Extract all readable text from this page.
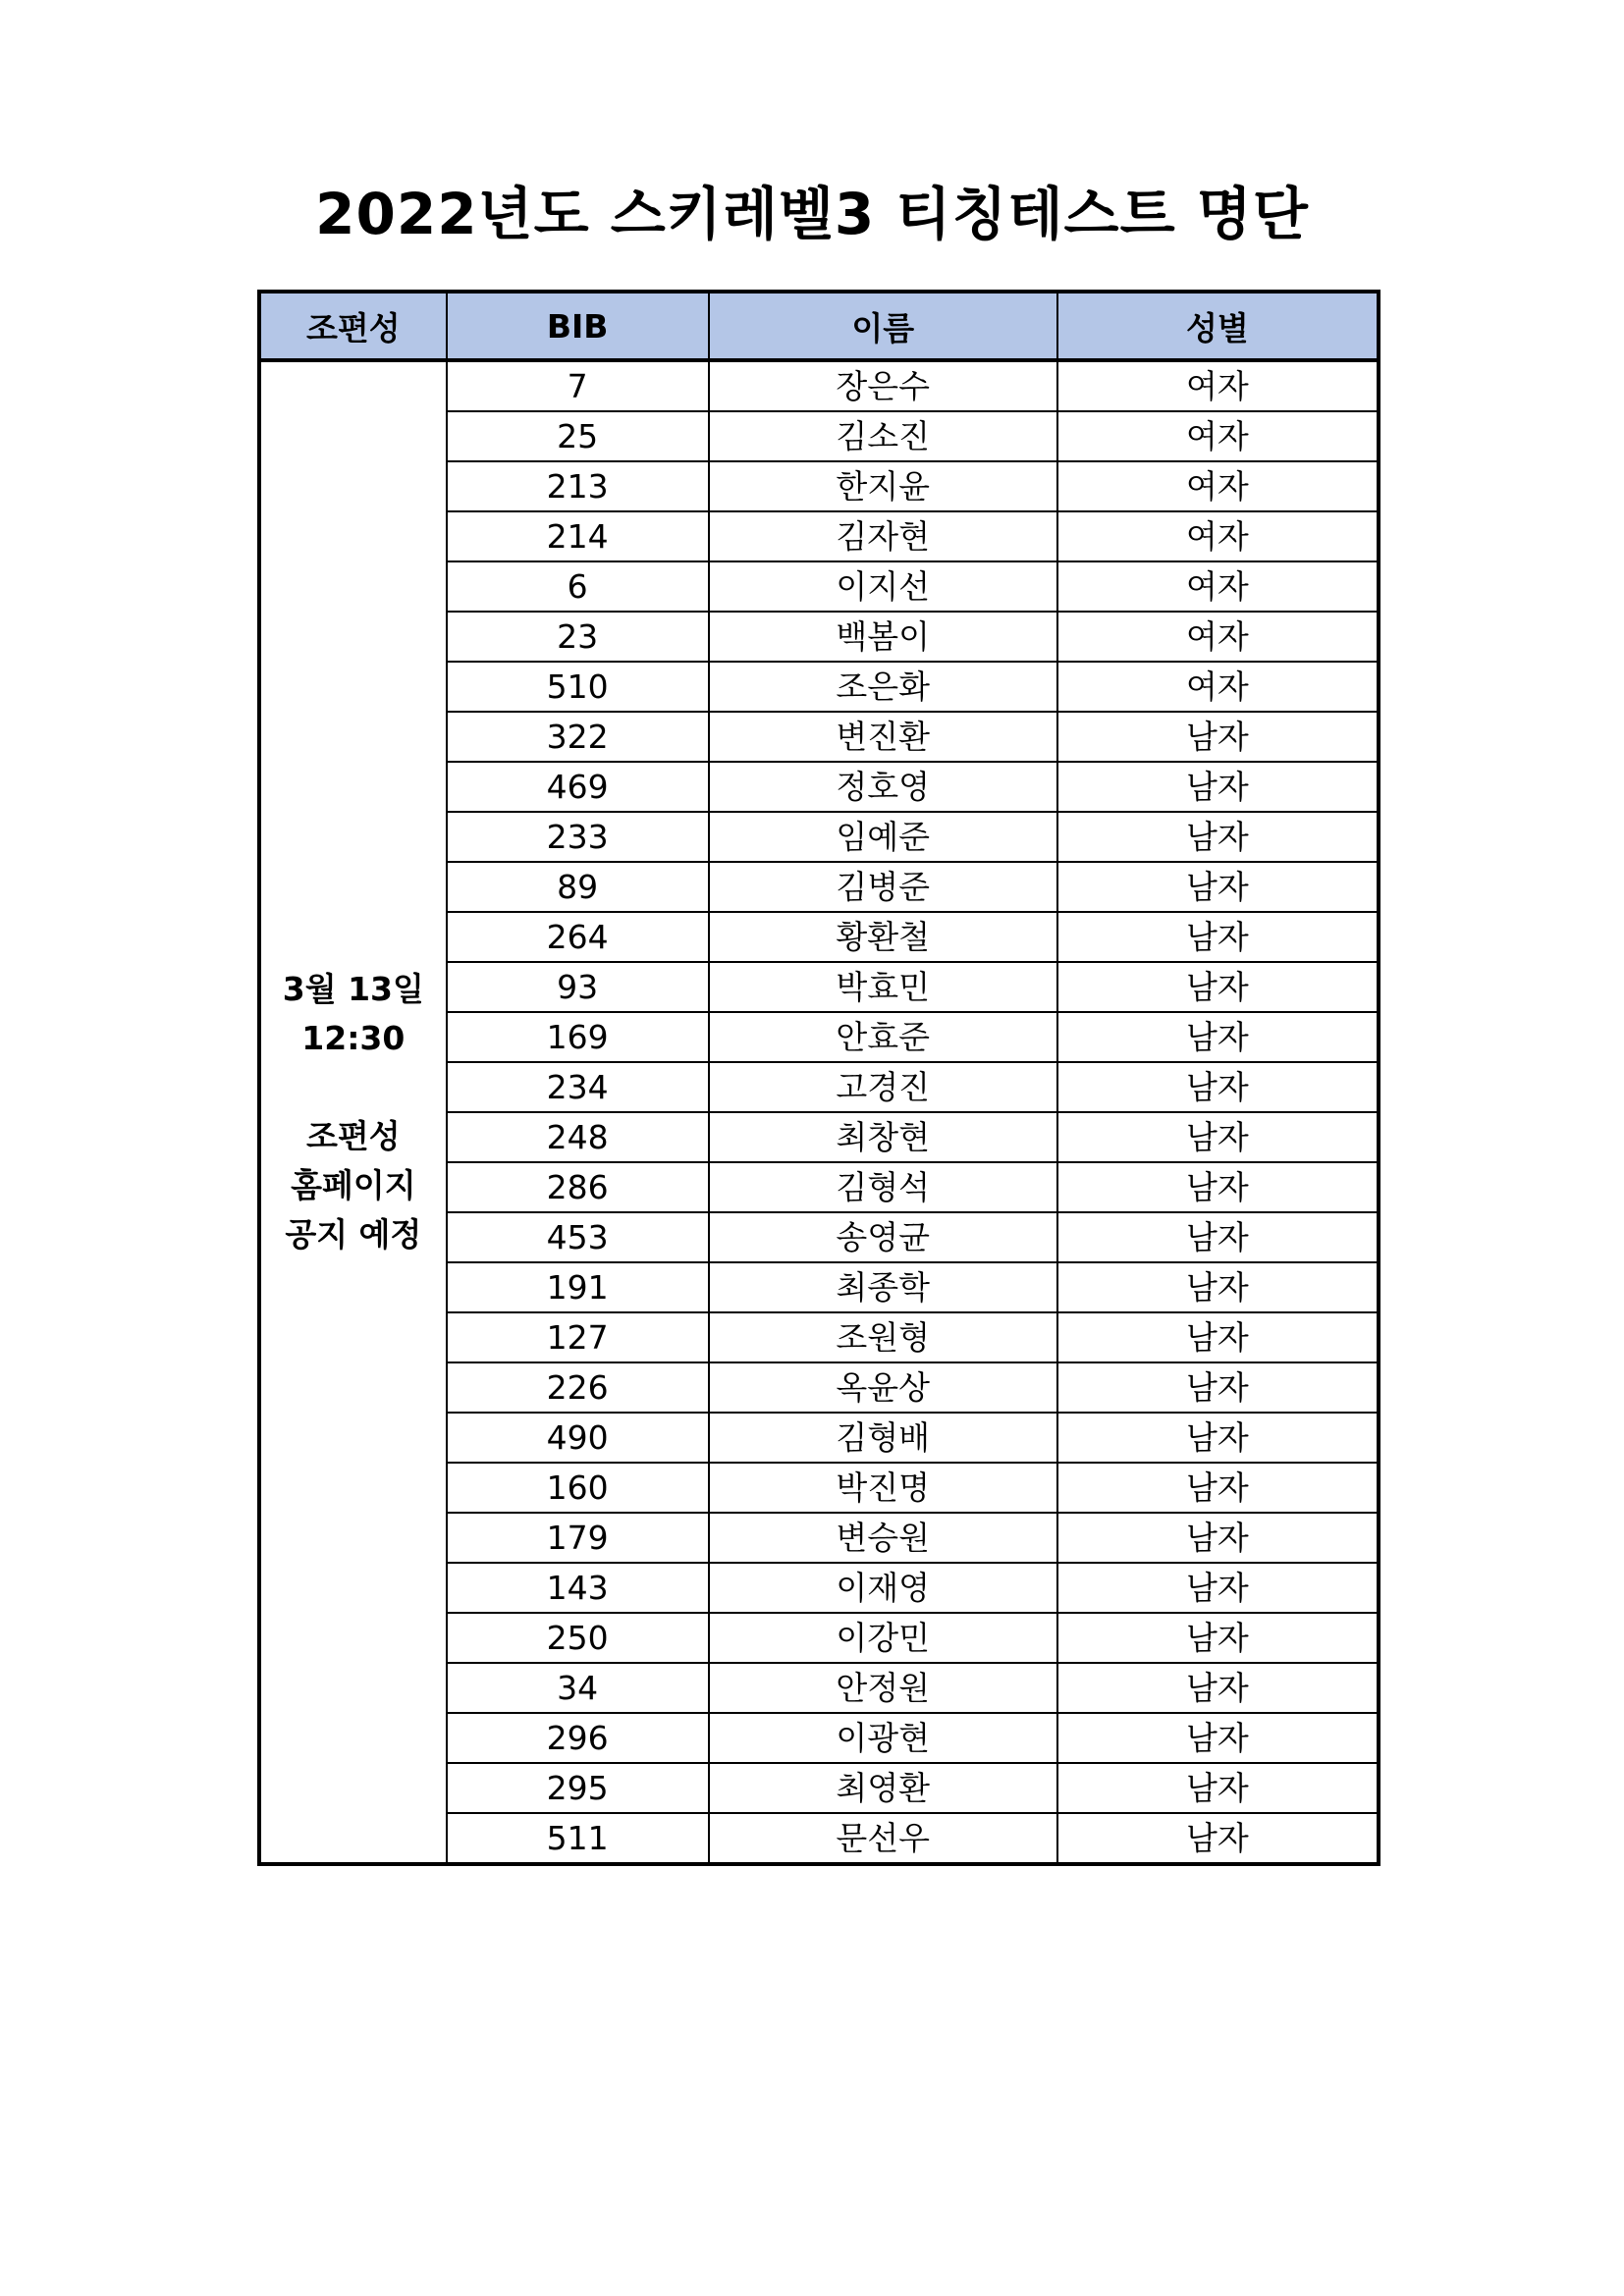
2022년도 스키레벨3 티칭테스트 명단
조편성	BIB	이름	성별

3월 13일
12:30
조편성
홈페이지
공지 예정	7	장은수	여자
	25	김소진	여자
	213	한지윤	여자
	214	김자현	여자
	6	이지선	여자
	23	백봄이	여자
	510	조은화	여자
	322	변진환	남자
	469	정호영	남자
	233	임예준	남자
	89	김병준	남자
	264	황환철	남자
	93	박효민	남자
	169	안효준	남자
	234	고경진	남자
	248	최창현	남자
	286	김형석	남자
	453	송영균	남자
	191	최종학	남자
	127	조원형	남자
	226	옥윤상	남자
	490	김형배	남자
	160	박진명	남자
	179	변승원	남자
	143	이재영	남자
	250	이강민	남자
	34	안정원	남자
	296	이광현	남자
	295	최영환	남자
	511	문선우	남자
